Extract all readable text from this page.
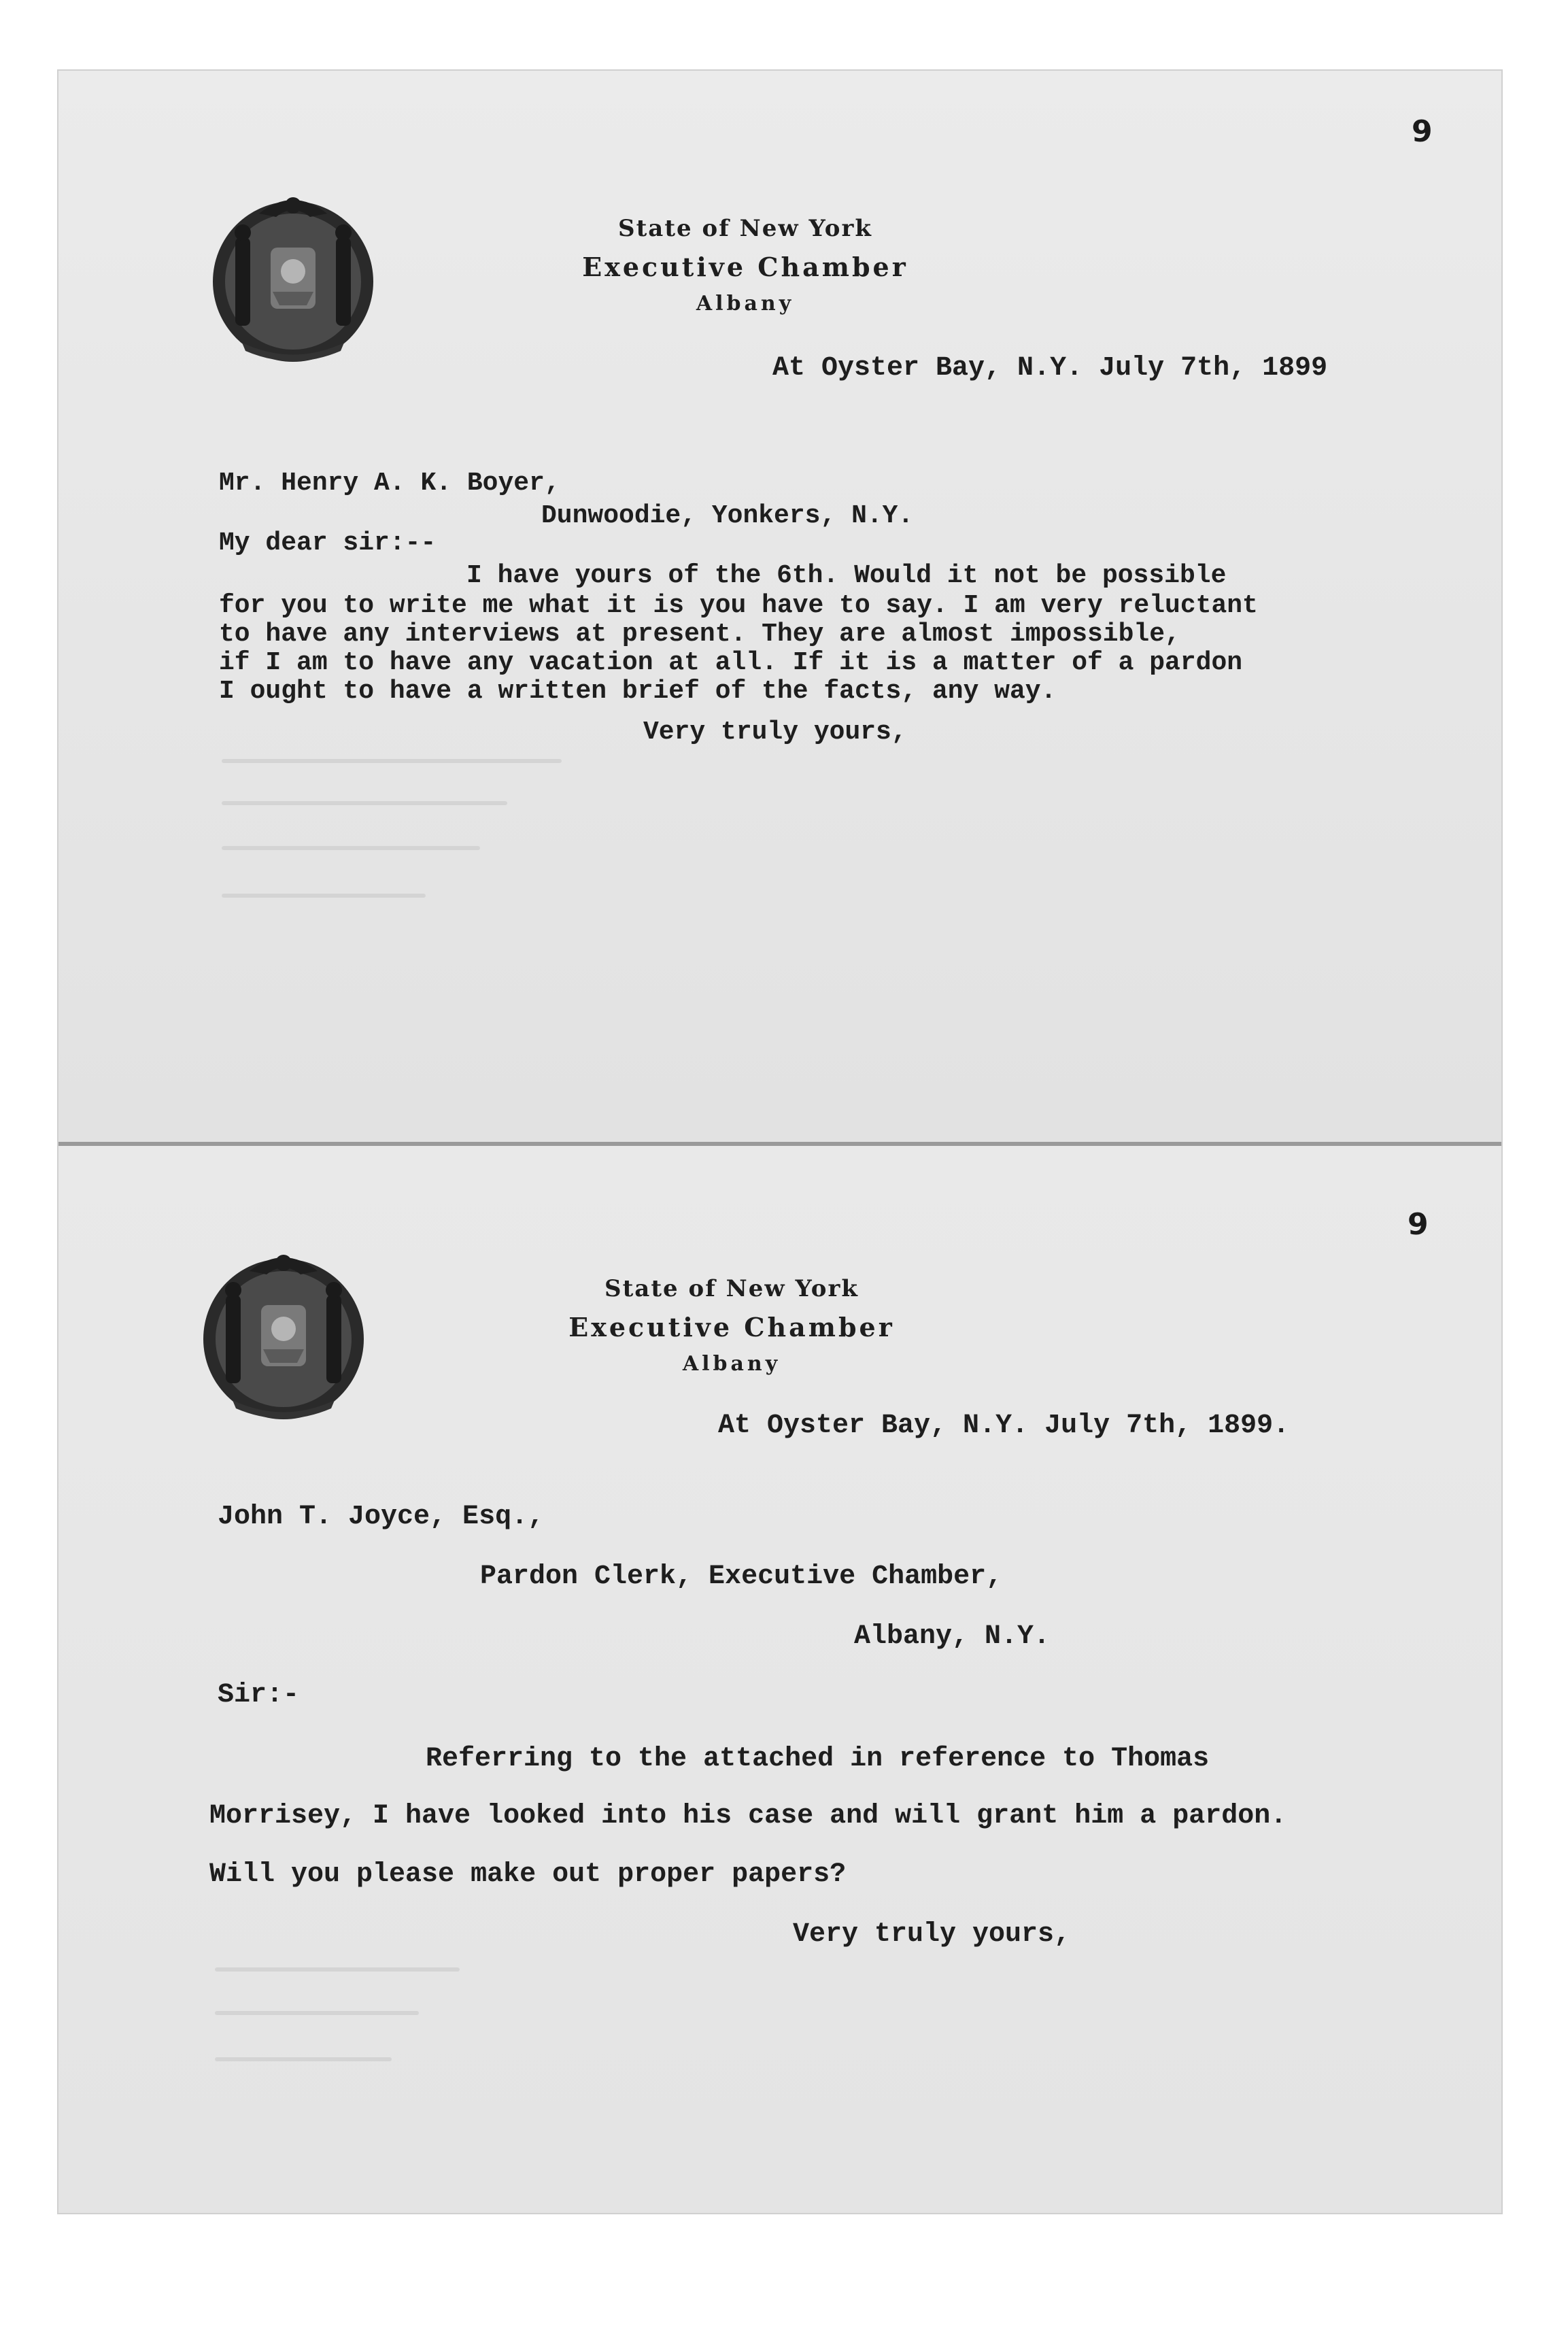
9
State of New York
Executive Chamber
Albany
At Oyster Bay, N.Y. July 7th, 1899
Mr. Henry A. K. Boyer,
Dunwoodie, Yonkers, N.Y.
My dear sir:--
I have yours of the 6th. Would it not be possible
for you to write me what it is you have to say. I am very reluctant
to have any interviews at present. They are almost impossible,
if I am to have any vacation at all. If it is a matter of a pardon
I ought to have a written brief of the facts, any way.
Very truly yours,
9
State of New York
Executive Chamber
Albany
At Oyster Bay, N.Y. July 7th, 1899.
John T. Joyce, Esq.,
Pardon Clerk, Executive Chamber,
Albany, N.Y.
Sir:-
Referring to the attached in reference to Thomas
Morrisey, I have looked into his case and will grant him a pardon.
Will you please make out proper papers?
Very truly yours,
